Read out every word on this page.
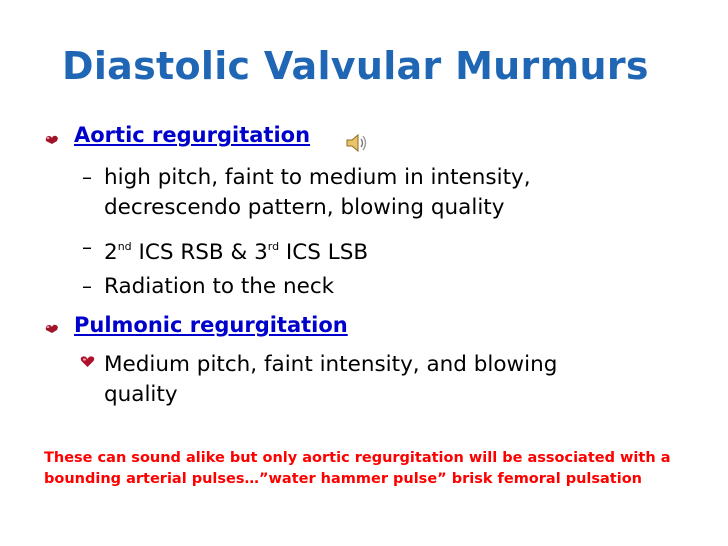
Diastolic Valvular Murmurs
Aortic regurgitation
– high pitch, faint to medium in intensity,
decrescendo pattern, blowing quality
– 2nd ICS RSB & 3rd ICS LSB
– Radiation to the neck
Pulmonic regurgitation
Medium pitch, faint intensity, and blowing
quality
These can sound alike but only aortic regurgitation will be associated with a bounding arterial pulses…”water hammer pulse” brisk femoral pulsation
